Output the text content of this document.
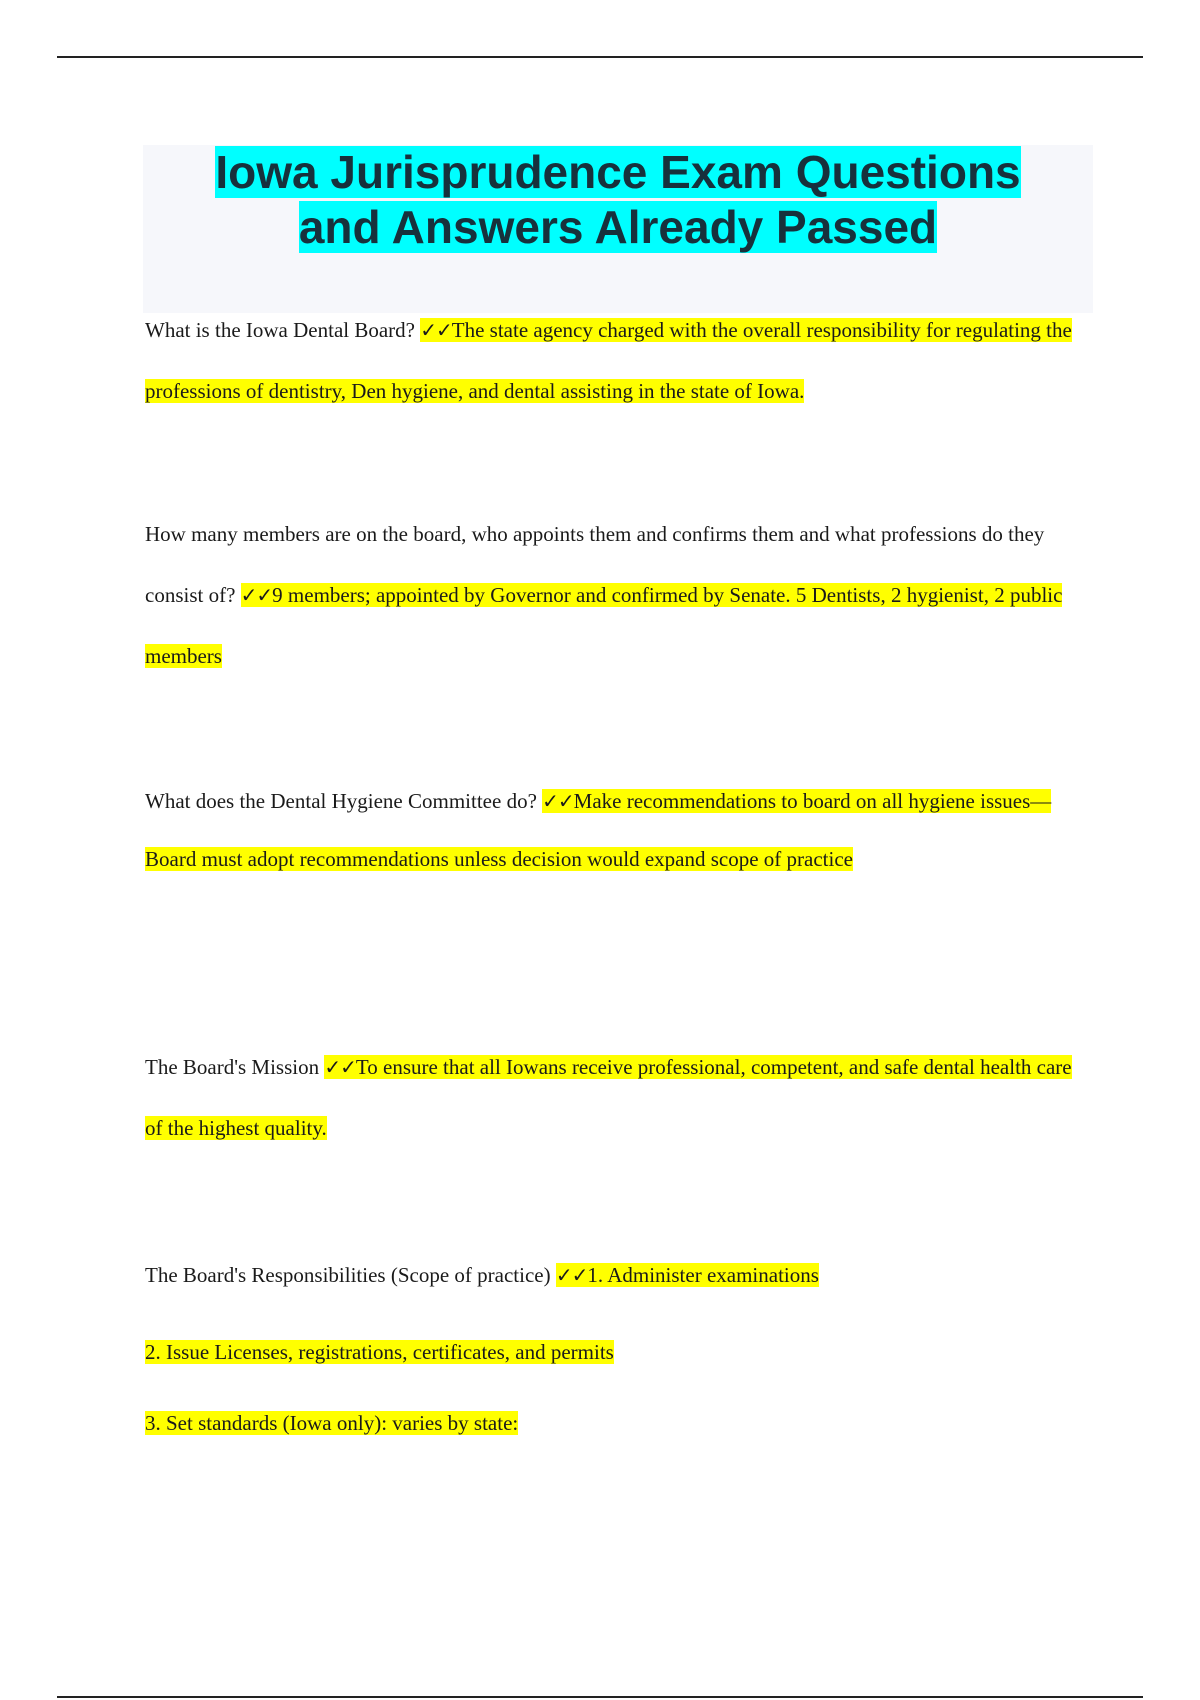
Iowa Jurisprudence Exam Questions
and Answers Already Passed

What is the Iowa Dental Board? ✓✓The state agency charged with the overall responsibility for regulating the professions of dentistry, Den hygiene, and dental assisting in the state of Iowa.

How many members are on the board, who appoints them and confirms them and what professions do they consist of? ✓✓9 members; appointed by Governor and confirmed by Senate. 5 Dentists, 2 hygienist, 2 public members

What does the Dental Hygiene Committee do? ✓✓Make recommendations to board on all hygiene issues—Board must adopt recommendations unless decision would expand scope of practice

The Board's Mission ✓✓To ensure that all Iowans receive professional, competent, and safe dental health care of the highest quality.

The Board's Responsibilities (Scope of practice) ✓✓1. Administer examinations

2. Issue Licenses, registrations, certificates, and permits

3. Set standards (Iowa only): varies by state:
